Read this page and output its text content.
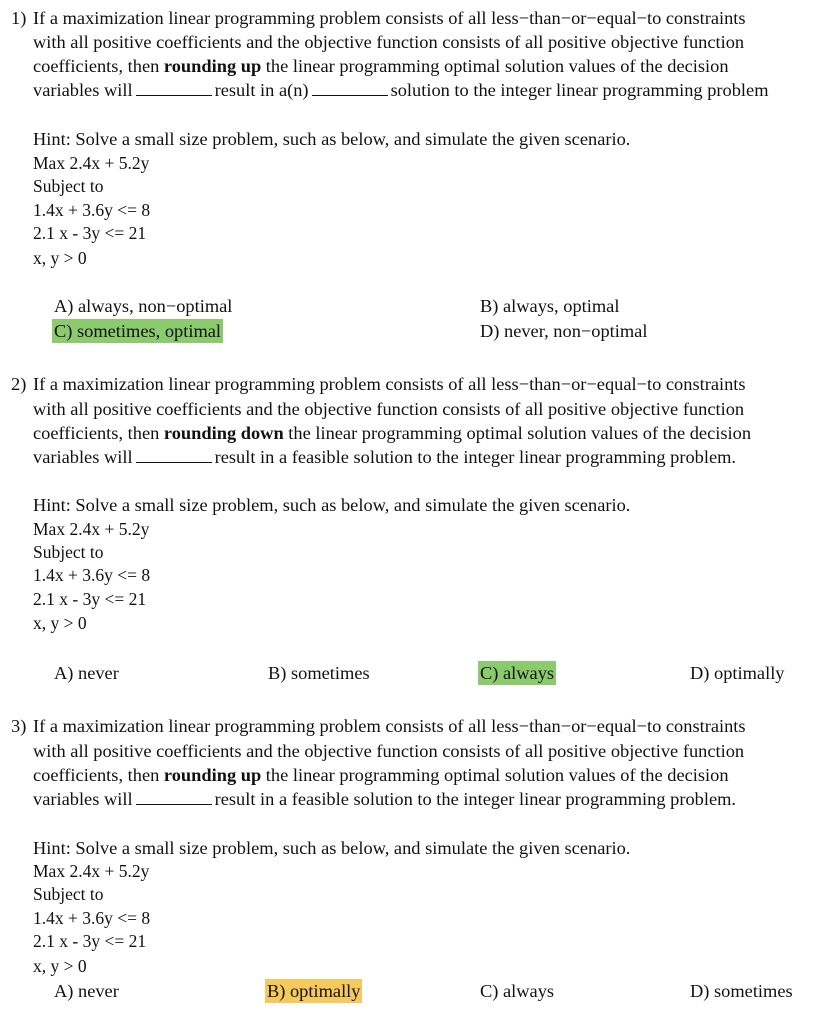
1) If a maximization linear programming problem consists of all less−than−or−equal−to constraints
with all positive coefficients and the objective function consists of all positive objective function
coefficients, then rounding up the linear programming optimal solution values of the decision
variables will	result in a(n)	solution to the integer linear programming problem
Hint: Solve a small size problem, such as below, and simulate the given scenario.
Max 2.4x + 5.2y
Subject to
1.4x + 3.6y <= 8
2.1 x - 3y <= 21
x, y > 0
A) always, non−optimal	B) always, optimal
C) sometimes, optimal	D) never, non−optimal
2) If a maximization linear programming problem consists of all less−than−or−equal−to constraints
with all positive coefficients and the objective function consists of all positive objective function
coefficients, then rounding down the linear programming optimal solution values of the decision
variables will	result in a feasible solution to the integer linear programming problem.
Hint: Solve a small size problem, such as below, and simulate the given scenario.
Max 2.4x + 5.2y
Subject to
1.4x + 3.6y <= 8
2.1 x - 3y <= 21
x, y > 0
A) never	B) sometimes	C) always	D) optimally
3) If a maximization linear programming problem consists of all less−than−or−equal−to constraints
with all positive coefficients and the objective function consists of all positive objective function
coefficients, then rounding up the linear programming optimal solution values of the decision
variables will	result in a feasible solution to the integer linear programming problem.
Hint: Solve a small size problem, such as below, and simulate the given scenario.
Max 2.4x + 5.2y
Subject to
1.4x + 3.6y <= 8
2.1 x - 3y <= 21
x, y > 0
A) never	B) optimally	C) always	D) sometimes
